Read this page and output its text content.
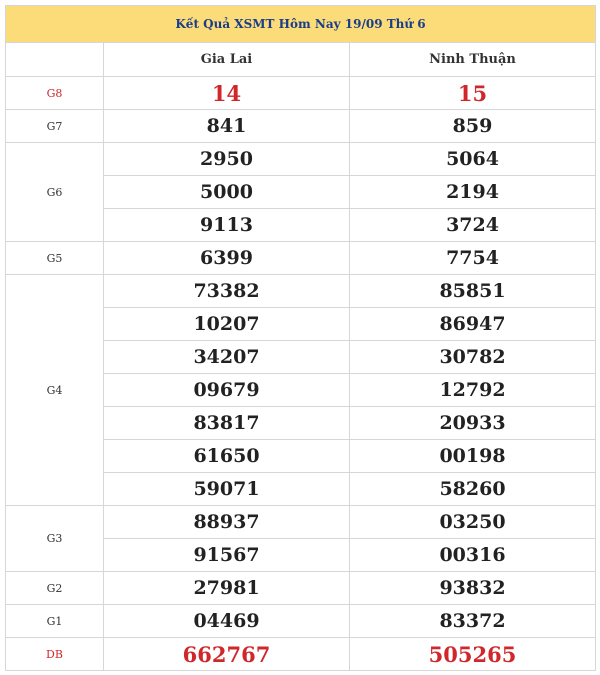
Kết Quả XSMT Hôm Nay 19/09 Thứ 6		
	Gia Lai	Ninh Thuận
G8	14	15
G7	841	859
G6	2950	5064
	5000	2194
	9113	3724
G5	6399	7754
G4	73382	85851
	10207	86947
	34207	30782
	09679	12792
	83817	20933
	61650	00198
	59071	58260
G3	88937	03250
	91567	00316
G2	27981	93832
G1	04469	83372
DB	662767	505265
